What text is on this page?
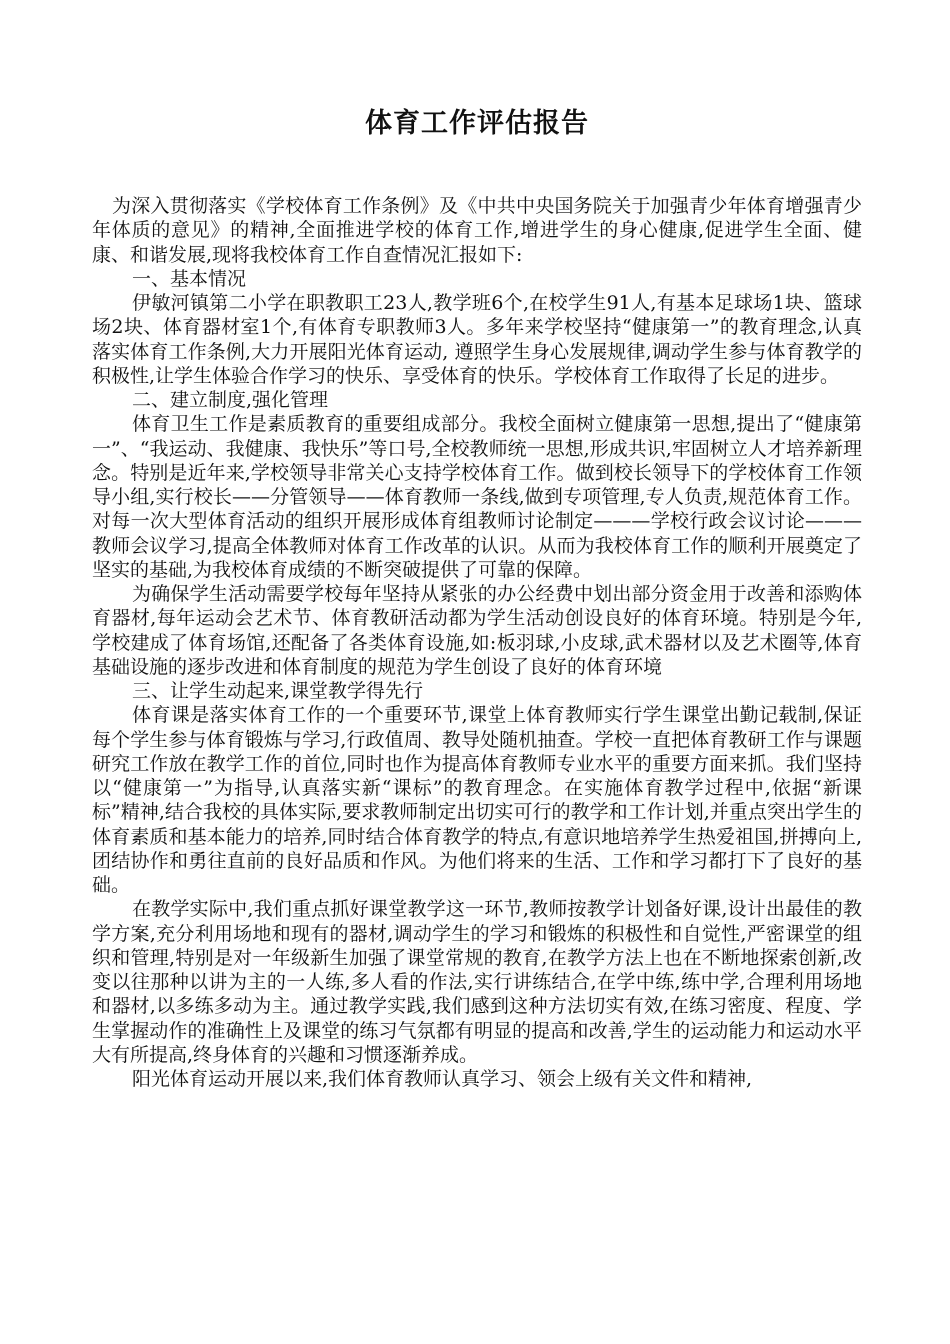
体育工作评估报告

为深入贯彻落实《学校体育工作条例》及《中共中央国务院关于加强青少年体育增强青少年体质的意见》的精神,全面推进学校的体育工作,增进学生的身心健康,促进学生全面、健康、和谐发展,现将我校体育工作自查情况汇报如下:

一、基本情况

伊敏河镇第二小学在职教职工23人,教学班6个,在校学生91人,有基本足球场1块、篮球场2块、体育器材室1个,有体育专职教师3人。多年来学校坚持“健康第一”的教育理念,认真落实体育工作条例,大力开展阳光体育运动, 遵照学生身心发展规律,调动学生参与体育教学的积极性,让学生体验合作学习的快乐、享受体育的快乐。学校体育工作取得了长足的进步。

二、建立制度,强化管理

体育卫生工作是素质教育的重要组成部分。我校全面树立健康第一思想,提出了“健康第一”、“我运动、我健康、我快乐”等口号,全校教师统一思想,形成共识,牢固树立人才培养新理念。特别是近年来,学校领导非常关心支持学校体育工作。做到校长领导下的学校体育工作领导小组,实行校长——分管领导——体育教师一条线,做到专项管理,专人负责,规范体育工作。对每一次大型体育活动的组织开展形成体育组教师讨论制定———学校行政会议讨论———教师会议学习,提高全体教师对体育工作改革的认识。从而为我校体育工作的顺利开展奠定了坚实的基础,为我校体育成绩的不断突破提供了可靠的保障。

为确保学生活动需要学校每年坚持从紧张的办公经费中划出部分资金用于改善和添购体育器材,每年运动会艺术节、体育教研活动都为学生活动创设良好的体育环境。特别是今年,学校建成了体育场馆,还配备了各类体育设施,如:板羽球,小皮球,武术器材以及艺术圈等,体育基础设施的逐步改进和体育制度的规范为学生创设了良好的体育环境

三、让学生动起来,课堂教学得先行

体育课是落实体育工作的一个重要环节,课堂上体育教师实行学生课堂出勤记载制,保证每个学生参与体育锻炼与学习,行政值周、教导处随机抽查。学校一直把体育教研工作与课题研究工作放在教学工作的首位,同时也作为提高体育教师专业水平的重要方面来抓。我们坚持以“健康第一”为指导,认真落实新“课标”的教育理念。在实施体育教学过程中,依据“新课标”精神,结合我校的具体实际,要求教师制定出切实可行的教学和工作计划,并重点突出学生的体育素质和基本能力的培养,同时结合体育教学的特点,有意识地培养学生热爱祖国,拼搏向上,团结协作和勇往直前的良好品质和作风。为他们将来的生活、工作和学习都打下了良好的基础。

在教学实际中,我们重点抓好课堂教学这一环节,教师按教学计划备好课,设计出最佳的教学方案,充分利用场地和现有的器材,调动学生的学习和锻炼的积极性和自觉性,严密课堂的组织和管理,特别是对一年级新生加强了课堂常规的教育,在教学方法上也在不断地探索创新,改变以往那种以讲为主的一人练,多人看的作法,实行讲练结合,在学中练,练中学,合理利用场地和器材,以多练多动为主。通过教学实践,我们感到这种方法切实有效,在练习密度、程度、学生掌握动作的准确性上及课堂的练习气氛都有明显的提高和改善,学生的运动能力和运动水平大有所提高,终身体育的兴趣和习惯逐渐养成。

阳光体育运动开展以来,我们体育教师认真学习、领会上级有关文件和精神,
